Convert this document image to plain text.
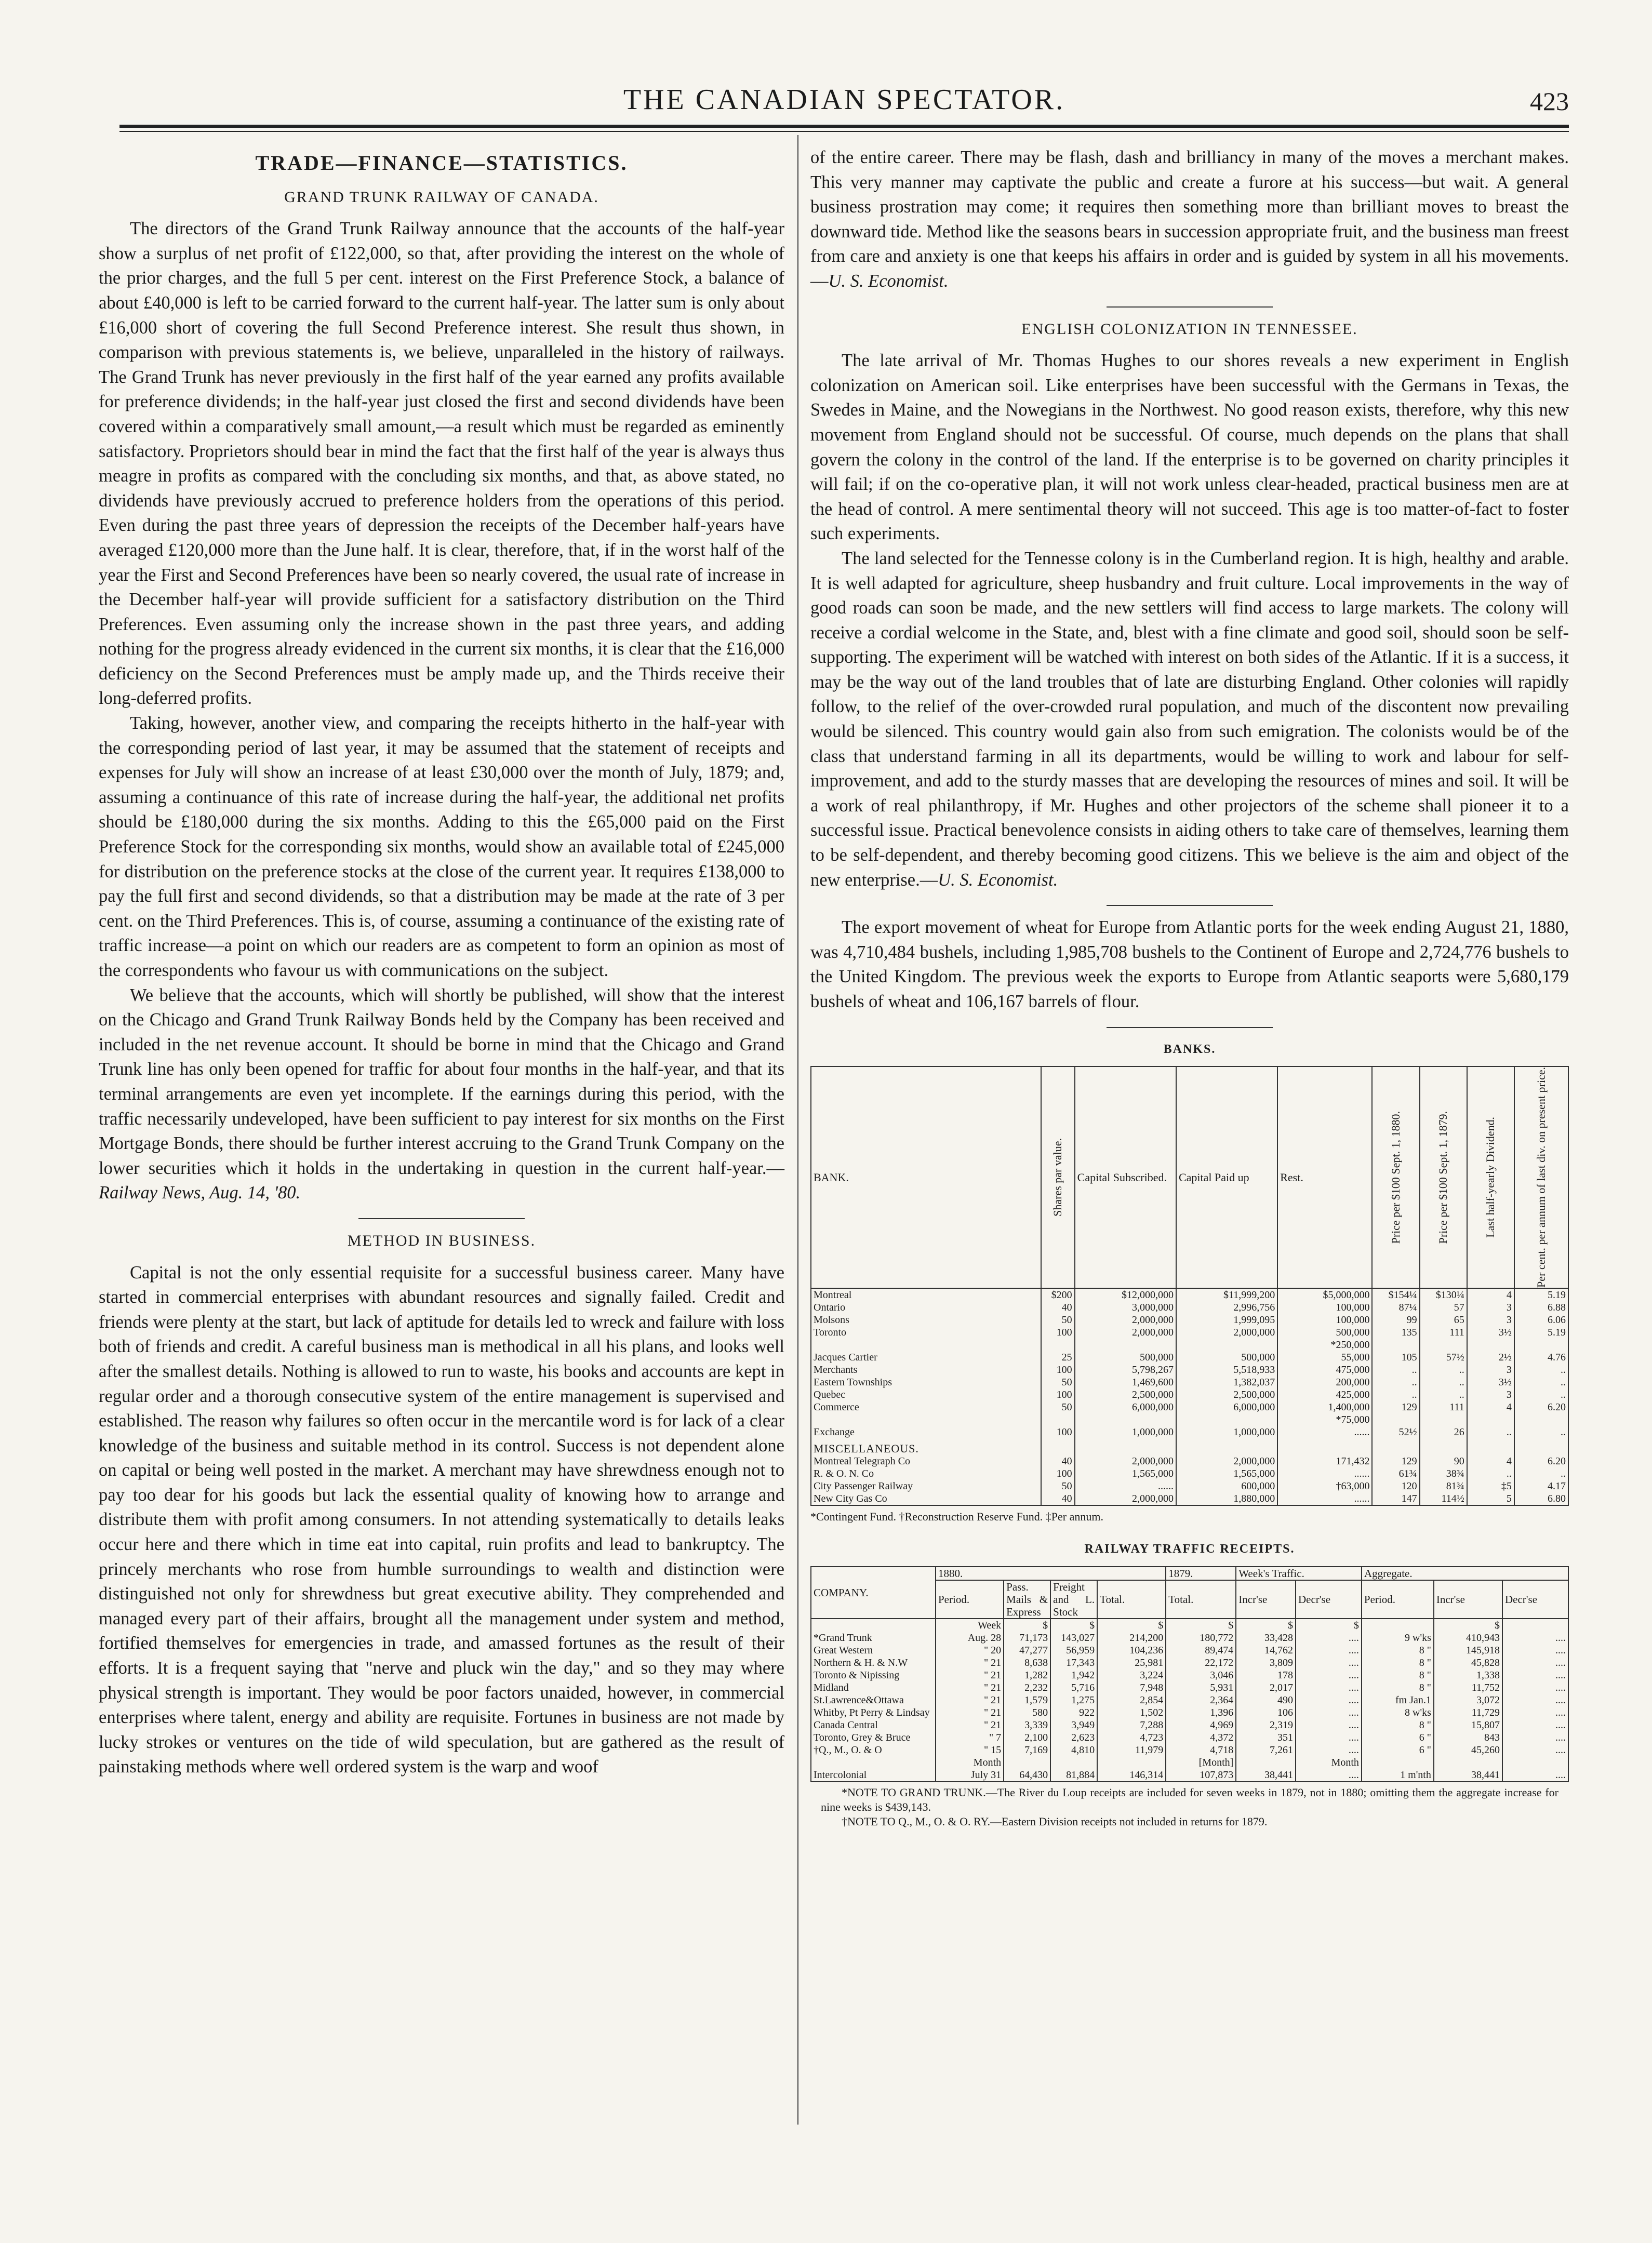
THE CANADIAN SPECTATOR.	423
TRADE—FINANCE—STATISTICS.
GRAND TRUNK RAILWAY OF CANADA.

The directors of the Grand Trunk Railway announce that the accounts of the half-year show a surplus of net profit of £122,000, so that, after providing the interest on the whole of the prior charges, and the full 5 per cent. interest on the First Preference Stock, a balance of about £40,000 is left to be carried forward to the current half-year. The latter sum is only about £16,000 short of covering the full Second Preference interest. She result thus shown, in comparison with previous statements is, we believe, unparalleled in the history of railways. The Grand Trunk has never previously in the first half of the year earned any profits available for preference dividends; in the half-year just closed the first and second dividends have been covered within a comparatively small amount,—a result which must be regarded as eminently satisfactory. Proprietors should bear in mind the fact that the first half of the year is always thus meagre in profits as compared with the concluding six months, and that, as above stated, no dividends have previously accrued to preference holders from the operations of this period. Even during the past three years of depression the receipts of the December half-years have averaged £120,000 more than the June half. It is clear, therefore, that, if in the worst half of the year the First and Second Preferences have been so nearly covered, the usual rate of increase in the December half-year will provide sufficient for a satisfactory distribution on the Third Preferences. Even assuming only the increase shown in the past three years, and adding nothing for the progress already evidenced in the current six months, it is clear that the £16,000 deficiency on the Second Preferences must be amply made up, and the Thirds receive their long-deferred profits.

Taking, however, another view, and comparing the receipts hitherto in the half-year with the corresponding period of last year, it may be assumed that the statement of receipts and expenses for July will show an increase of at least £30,000 over the month of July, 1879; and, assuming a continuance of this rate of increase during the half-year, the additional net profits should be £180,000 during the six months. Adding to this the £65,000 paid on the First Preference Stock for the corresponding six months, would show an available total of £245,000 for distribution on the preference stocks at the close of the current year. It requires £138,000 to pay the full first and second dividends, so that a distribution may be made at the rate of 3 per cent. on the Third Preferences. This is, of course, assuming a continuance of the existing rate of traffic increase—a point on which our readers are as competent to form an opinion as most of the correspondents who favour us with communications on the subject.

We believe that the accounts, which will shortly be published, will show that the interest on the Chicago and Grand Trunk Railway Bonds held by the Company has been received and included in the net revenue account. It should be borne in mind that the Chicago and Grand Trunk line has only been opened for traffic for about four months in the half-year, and that its terminal arrangements are even yet incomplete. If the earnings during this period, with the traffic necessarily undeveloped, have been sufficient to pay interest for six months on the First Mortgage Bonds, there should be further interest accruing to the Grand Trunk Company on the lower securities which it holds in the undertaking in question in the current half-year.—Railway News, Aug. 14, '80.

METHOD IN BUSINESS.

Capital is not the only essential requisite for a successful business career. Many have started in commercial enterprises with abundant resources and signally failed. Credit and friends were plenty at the start, but lack of aptitude for details led to wreck and failure with loss both of friends and credit. A careful business man is methodical in all his plans, and looks well after the smallest details. Nothing is allowed to run to waste, his books and accounts are kept in regular order and a thorough consecutive system of the entire management is supervised and established. The reason why failures so often occur in the mercantile word is for lack of a clear knowledge of the business and suitable method in its control. Success is not dependent alone on capital or being well posted in the market. A merchant may have shrewdness enough not to pay too dear for his goods but lack the essential quality of knowing how to arrange and distribute them with profit among consumers. In not attending systematically to details leaks occur here and there which in time eat into capital, ruin profits and lead to bankruptcy. The princely merchants who rose from humble surroundings to wealth and distinction were distinguished not only for shrewdness but great executive ability. They comprehended and managed every part of their affairs, brought all the management under system and method, fortified themselves for emergencies in trade, and amassed fortunes as the result of their efforts. It is a frequent saying that "nerve and pluck win the day," and so they may where physical strength is important. They would be poor factors unaided, however, in commercial enterprises where talent, energy and ability are requisite. Fortunes in business are not made by lucky strokes or ventures on the tide of wild speculation, but are gathered as the result of painstaking methods where well ordered system is the warp and woof

of the entire career. There may be flash, dash and brilliancy in many of the moves a merchant makes. This very manner may captivate the public and create a furore at his success—but wait. A general business prostration may come; it requires then something more than brilliant moves to breast the downward tide. Method like the seasons bears in succession appropriate fruit, and the business man freest from care and anxiety is one that keeps his affairs in order and is guided by system in all his movements.—U. S. Economist.

ENGLISH COLONIZATION IN TENNESSEE.

The late arrival of Mr. Thomas Hughes to our shores reveals a new experiment in English colonization on American soil. Like enterprises have been successful with the Germans in Texas, the Swedes in Maine, and the Nowegians in the Northwest. No good reason exists, therefore, why this new movement from England should not be successful. Of course, much depends on the plans that shall govern the colony in the control of the land. If the enterprise is to be governed on charity principles it will fail; if on the co-operative plan, it will not work unless clear-headed, practical business men are at the head of control. A mere sentimental theory will not succeed. This age is too matter-of-fact to foster such experiments.

The land selected for the Tennesse colony is in the Cumberland region. It is high, healthy and arable. It is well adapted for agriculture, sheep husbandry and fruit culture. Local improvements in the way of good roads can soon be made, and the new settlers will find access to large markets. The colony will receive a cordial welcome in the State, and, blest with a fine climate and good soil, should soon be self-supporting. The experiment will be watched with interest on both sides of the Atlantic. If it is a success, it may be the way out of the land troubles that of late are disturbing England. Other colonies will rapidly follow, to the relief of the over-crowded rural population, and much of the discontent now prevailing would be silenced. This country would gain also from such emigration. The colonists would be of the class that understand farming in all its departments, would be willing to work and labour for self-improvement, and add to the sturdy masses that are developing the resources of mines and soil. It will be a work of real philanthropy, if Mr. Hughes and other projectors of the scheme shall pioneer it to a successful issue. Practical benevolence consists in aiding others to take care of themselves, learning them to be self-dependent, and thereby becoming good citizens. This we believe is the aim and object of the new enterprise.—U. S. Economist.

The export movement of wheat for Europe from Atlantic ports for the week ending August 21, 1880, was 4,710,484 bushels, including 1,985,708 bushels to the Continent of Europe and 2,724,776 bushels to the United Kingdom. The previous week the exports to Europe from Atlantic seaports were 5,680,179 bushels of wheat and 106,167 barrels of flour.

BANKS.
BANK.	Shares par value.	Capital Subscribed.	Capital Paid up	Rest.	Price per $100 Sept. 1, 1880.	Price per $100 Sept. 1, 1879.	Last half-yearly Dividend.	Per cent. per annum of last div. on present price.

Montreal	$200	$12,000,000	$11,999,200	$5,000,000	$154¼	$130¼	4	5.19
Ontario	40	3,000,000	2,996,756	100,000	87¼	57	3	6.88
Molsons	50	2,000,000	1,999,095	100,000	99	65	3	6.06
Toronto	100	2,000,000	2,000,000	500,000	135	111	3½	5.19
				*250,000				
Jacques Cartier	25	500,000	500,000	55,000	105	57½	2½	4.76
Merchants	100	5,798,267	5,518,933	475,000	..	..	3	..
Eastern Townships	50	1,469,600	1,382,037	200,000	..	..	3½	..
Quebec	100	2,500,000	2,500,000	425,000	..	..	3	..
Commerce	50	6,000,000	6,000,000	1,400,000	129	111	4	6.20
				*75,000				
Exchange	100	1,000,000	1,000,000	......	52½	26	..	..
MISCELLANEOUS.								
Montreal Telegraph Co	40	2,000,000	2,000,000	171,432	129	90	4	6.20
R. & O. N. Co	100	1,565,000	1,565,000	......	61¾	38¾	..	..
City Passenger Railway	50	......	600,000	†63,000	120	81¾	‡5	4.17
New City Gas Co	40	2,000,000	1,880,000	......	147	114½	5	6.80
*Contingent Fund. †Reconstruction Reserve Fund. ‡Per annum.
RAILWAY TRAFFIC RECEIPTS.
COMPANY.	1880.				1879.	Week's Traffic.		Aggregate.		
	Period.	Pass. Mails & Express	Freight and L. Stock	Total.	Total.	Incr'se	Decr'se	Period.	Incr'se	Decr'se
	Week	$	$	$	$	$	$		$	
*Grand Trunk	Aug. 28	71,173	143,027	214,200	180,772	33,428	....	9 w'ks	410,943	....
Great Western	" 20	47,277	56,959	104,236	89,474	14,762	....	8 "	145,918	....
Northern & H. & N.W	" 21	8,638	17,343	25,981	22,172	3,809	....	8 "	45,828	....
Toronto & Nipissing	" 21	1,282	1,942	3,224	3,046	178	....	8 "	1,338	....
Midland	" 21	2,232	5,716	7,948	5,931	2,017	....	8 "	11,752	....
St.Lawrence&Ottawa	" 21	1,579	1,275	2,854	2,364	490	....	fm Jan.1	3,072	....
Whitby, Pt Perry & Lindsay	" 21	580	922	1,502	1,396	106	....	8 w'ks	11,729	....
Canada Central	" 21	3,339	3,949	7,288	4,969	2,319	....	8 "	15,807	....
Toronto, Grey & Bruce	" 7	2,100	2,623	4,723	4,372	351	....	6 "	843	....
†Q., M., O. & O	" 15	7,169	4,810	11,979	4,718	7,261	....	6 "	45,260	....
	Month				[Month]		Month			
Intercolonial	July 31	64,430	81,884	146,314	107,873	38,441	....	1 m'nth	38,441	....
*NOTE TO GRAND TRUNK.—The River du Loup receipts are included for seven weeks in 1879, not in 1880; omitting them the aggregate increase for nine weeks is $439,143.
†NOTE TO Q., M., O. & O. RY.—Eastern Division receipts not included in returns for 1879.
